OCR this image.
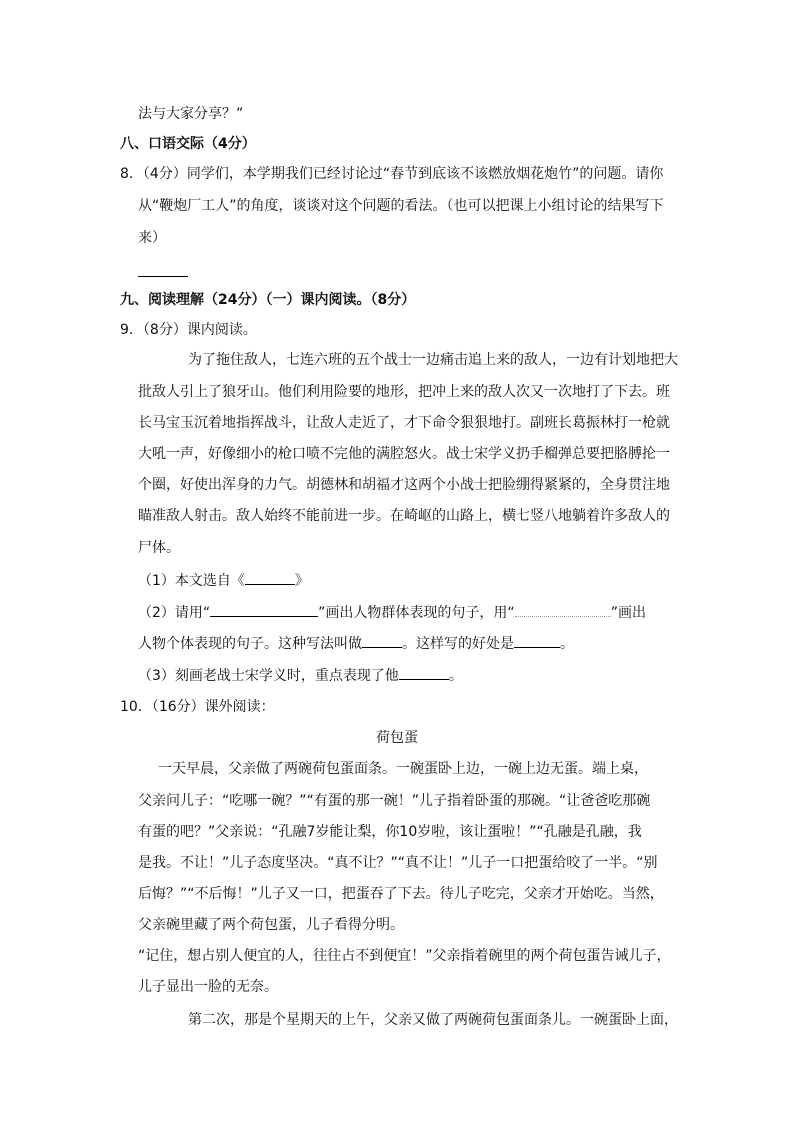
法与大家分享？”
八、口语交际（4分）
8．（4分）同学们，本学期我们已经讨论过“春节到底该不该燃放烟花炮竹”的问题。请你
从“鞭炮厂工人”的角度，谈谈对这个问题的看法。（也可以把课上小组讨论的结果写下
来）
九、阅读理解（24分）（一）课内阅读。（8分）
9．（8分）课内阅读。
为了拖住敌人，七连六班的五个战士一边痛击追上来的敌人，一边有计划地把大
批敌人引上了狼牙山。他们利用险要的地形，把冲上来的敌人次又一次地打了下去。班
长马宝玉沉着地指挥战斗，让敌人走近了，才下命令狠狠地打。副班长葛振林打一枪就
大吼一声，好像细小的枪口喷不完他的满腔怒火。战士宋学义扔手榴弹总要把胳膊抡一
个圈，好使出浑身的力气。胡德林和胡福才这两个小战士把脸绷得紧紧的，全身贯注地
瞄准敌人射击。敌人始终不能前进一步。在崎岖的山路上，横七竖八地躺着许多敌人的
尸体。
（1）本文选自《	》
（2）请用“	”画出人物群体表现的句子，用“	”画出
人物个体表现的句子。这种写法叫做	。这样写的好处是	。
（3）刻画老战士宋学义时，重点表现了他	。
10．（16分）课外阅读：
荷包蛋
一天早晨，父亲做了两碗荷包蛋面条。一碗蛋卧上边，一碗上边无蛋。端上桌，
父亲问儿子：“吃哪一碗？”“有蛋的那一碗！”儿子指着卧蛋的那碗。“让爸爸吃那碗
有蛋的吧？”父亲说：“孔融7岁能让梨，你10岁啦，该让蛋啦！”“孔融是孔融，我
是我。不让！”儿子态度坚决。“真不让？”“真不让！”儿子一口把蛋给咬了一半。“别
后悔？”“不后悔！”儿子又一口，把蛋吞了下去。待儿子吃完，父亲才开始吃。当然，
父亲碗里藏了两个荷包蛋，儿子看得分明。
“记住，想占别人便宜的人，往往占不到便宜！”父亲指着碗里的两个荷包蛋告诫儿子，
儿子显出一脸的无奈。
第二次，那是个星期天的上午，父亲又做了两碗荷包蛋面条儿。一碗蛋卧上面，
